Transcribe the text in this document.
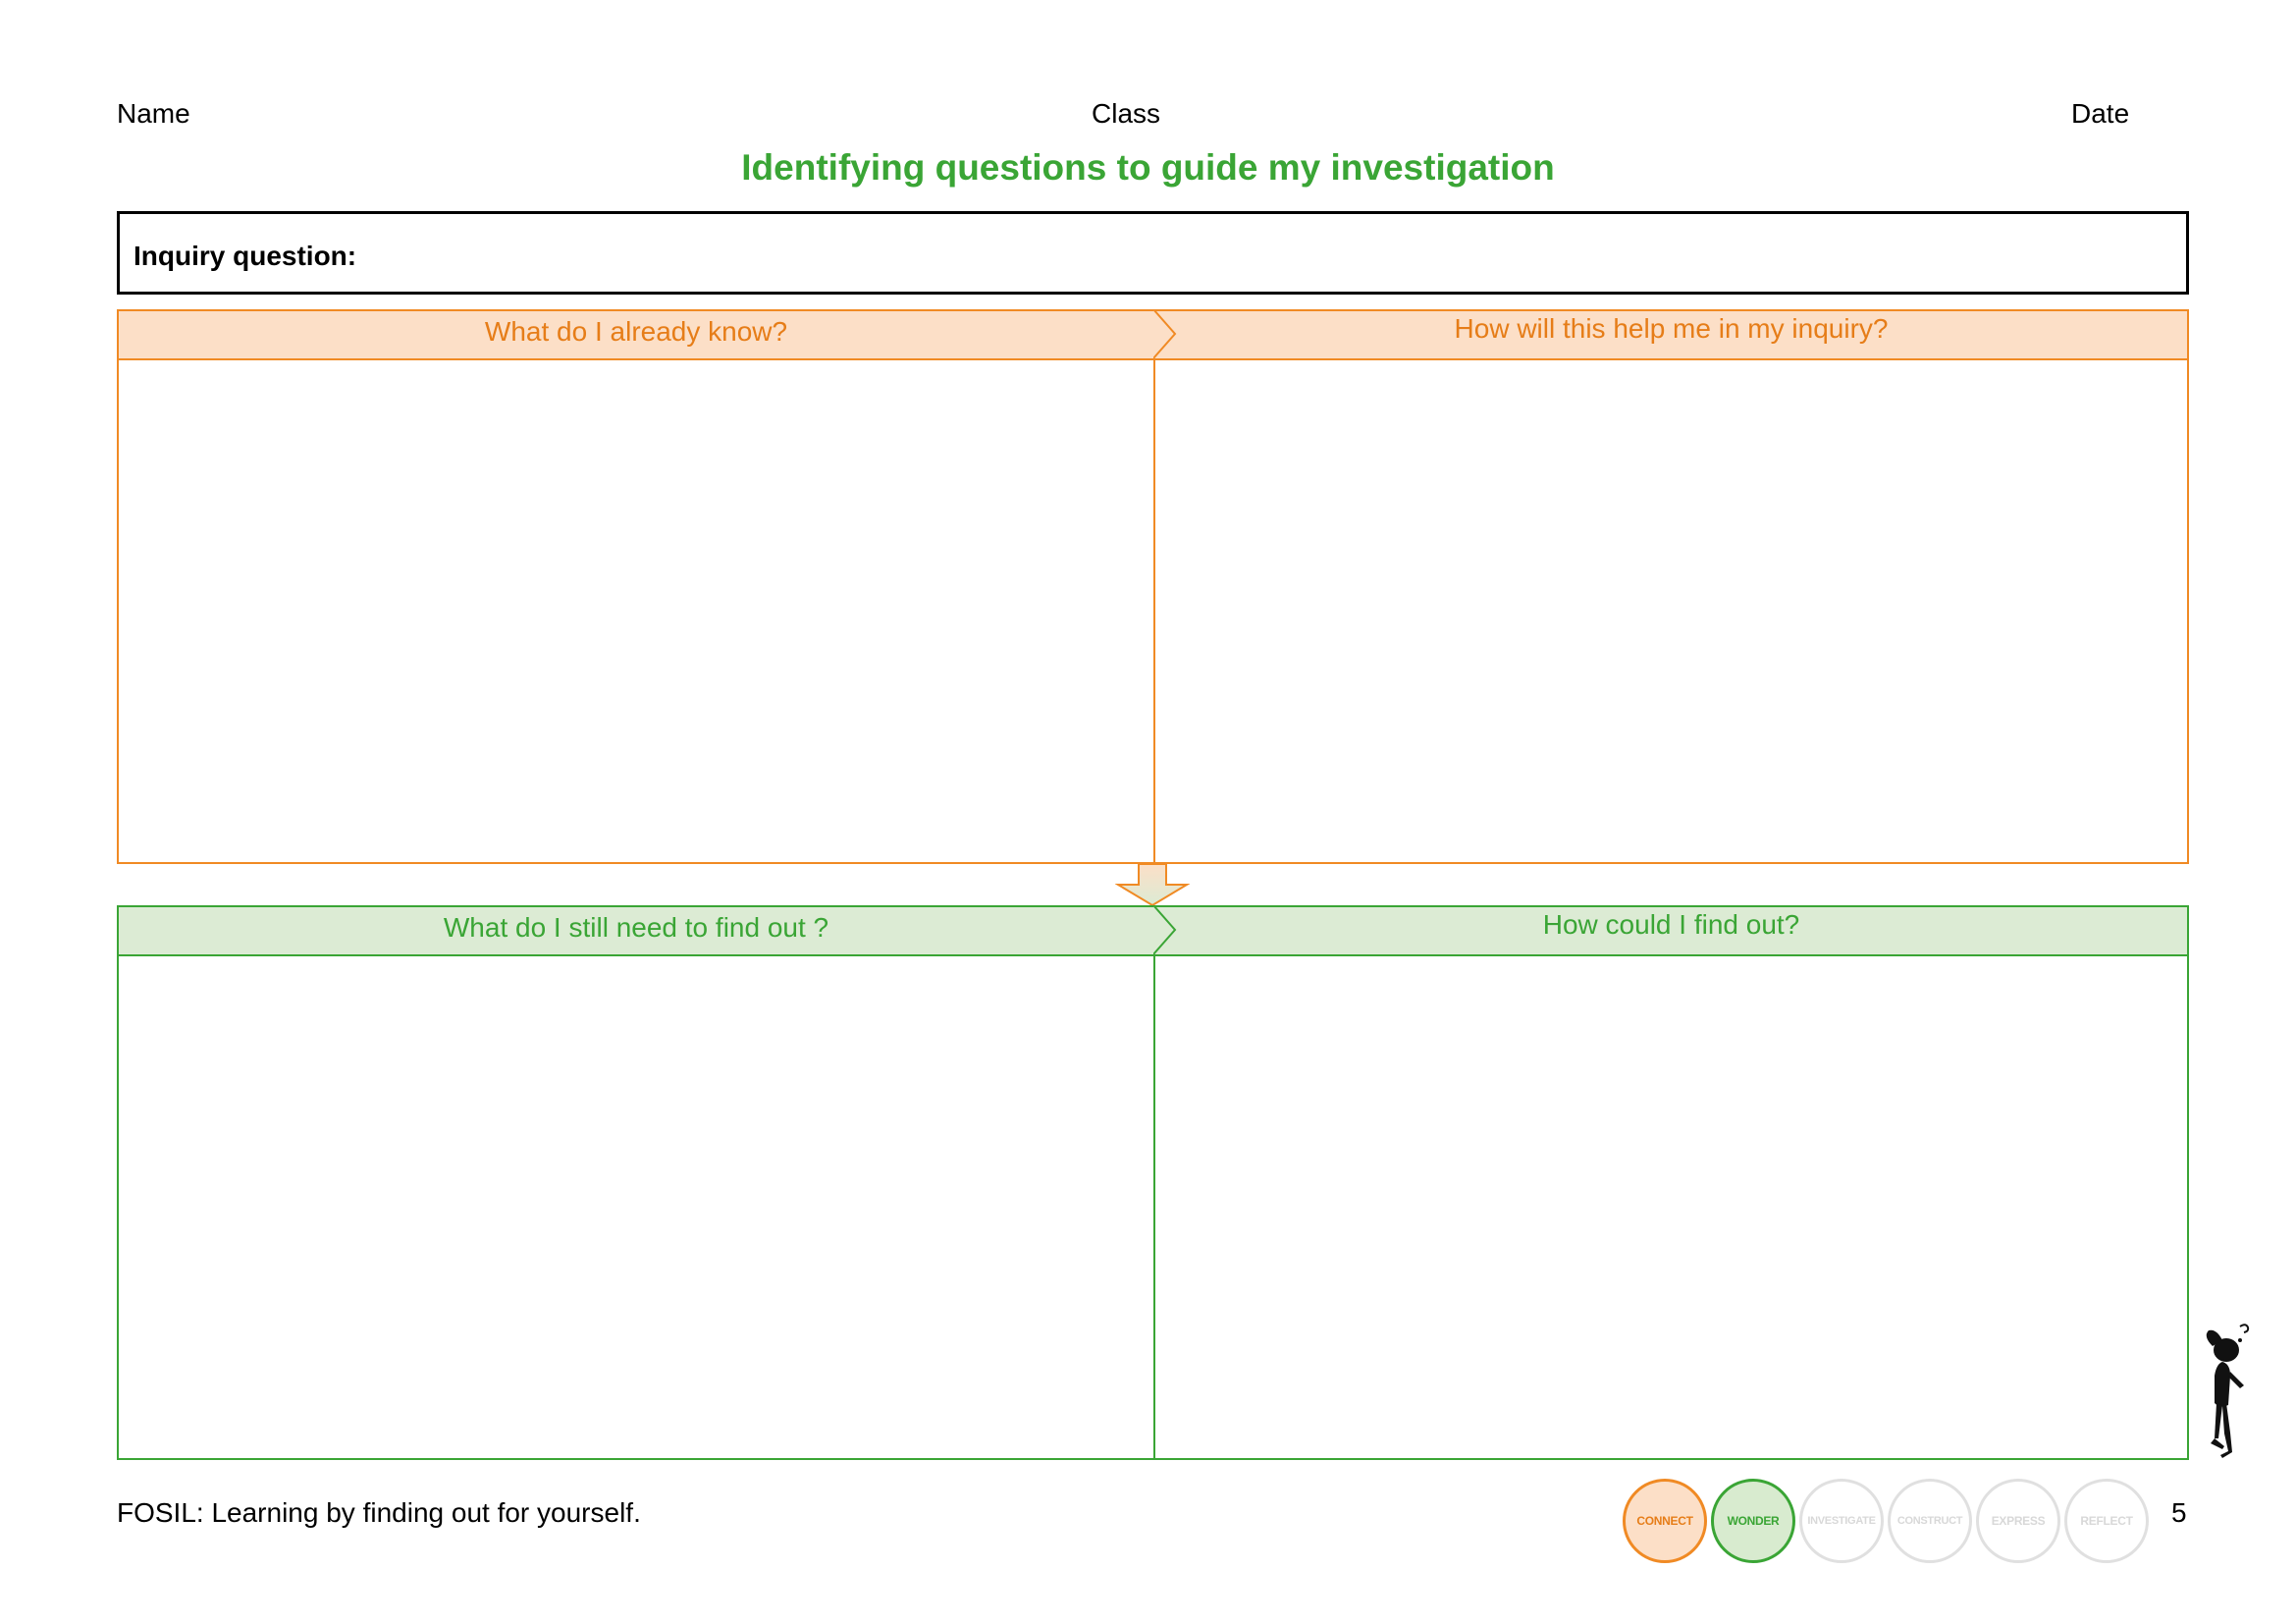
Name	Class	Date
Identifying questions to guide my investigation
Inquiry question:
What do I already know?	How will this help me in my inquiry?
What do I still need to find out ?	How could I find out?
FOSIL: Learning by finding out for yourself.	CONNECT	WONDER	INVESTIGATE	CONSTRUCT	EXPRESS	REFLECT	5
